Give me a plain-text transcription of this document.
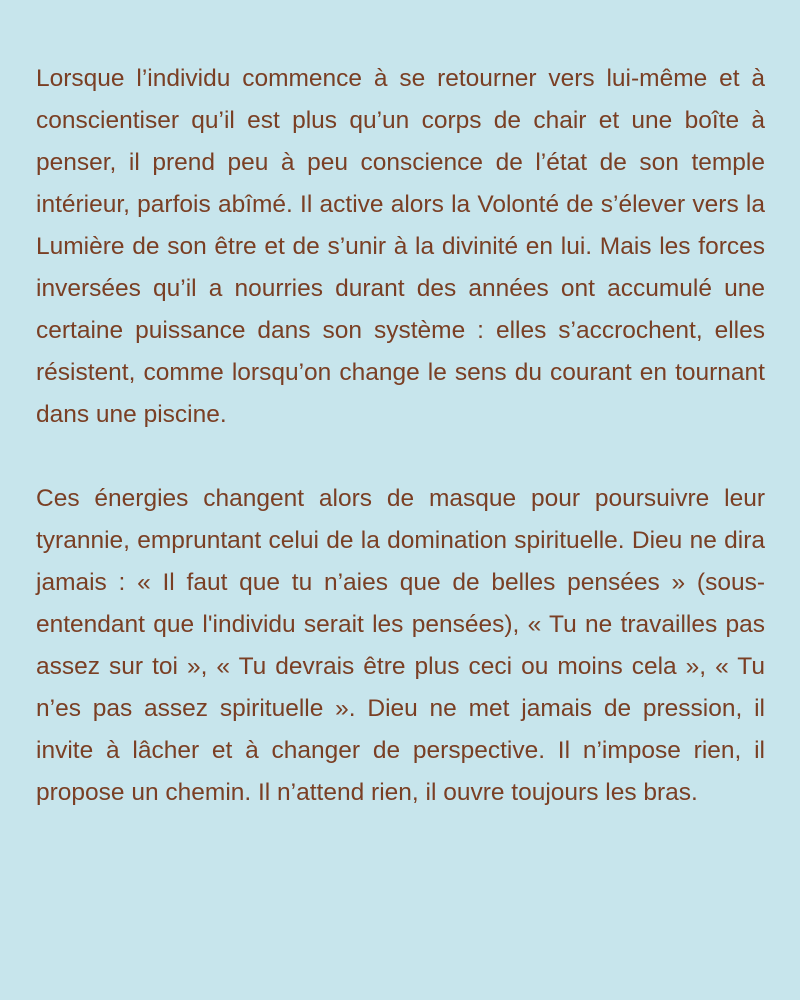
Lorsque l’individu commence à se retourner vers lui-même et à conscientiser qu’il est plus qu’un corps de chair et une boîte à penser, il prend peu à peu conscience de l’état de son temple intérieur, parfois abîmé. Il active alors la Volonté de s’élever vers la Lumière de son être et de s’unir à la divinité en lui. Mais les forces inversées qu’il a nourries durant des années ont accumulé une certaine puissance dans son système : elles s’accrochent, elles résistent, comme lorsqu’on change le sens du courant en tournant dans une piscine.

Ces énergies changent alors de masque pour poursuivre leur tyrannie, empruntant celui de la domination spirituelle. Dieu ne dira jamais : « Il faut que tu n’aies que de belles pensées » (sous-entendant que l'individu serait les pensées), « Tu ne travailles pas assez sur toi », « Tu devrais être plus ceci ou moins cela », « Tu n’es pas assez spirituelle ». Dieu ne met jamais de pression, il invite à lâcher et à changer de perspective. Il n’impose rien, il propose un chemin. Il n’attend rien, il ouvre toujours les bras.
